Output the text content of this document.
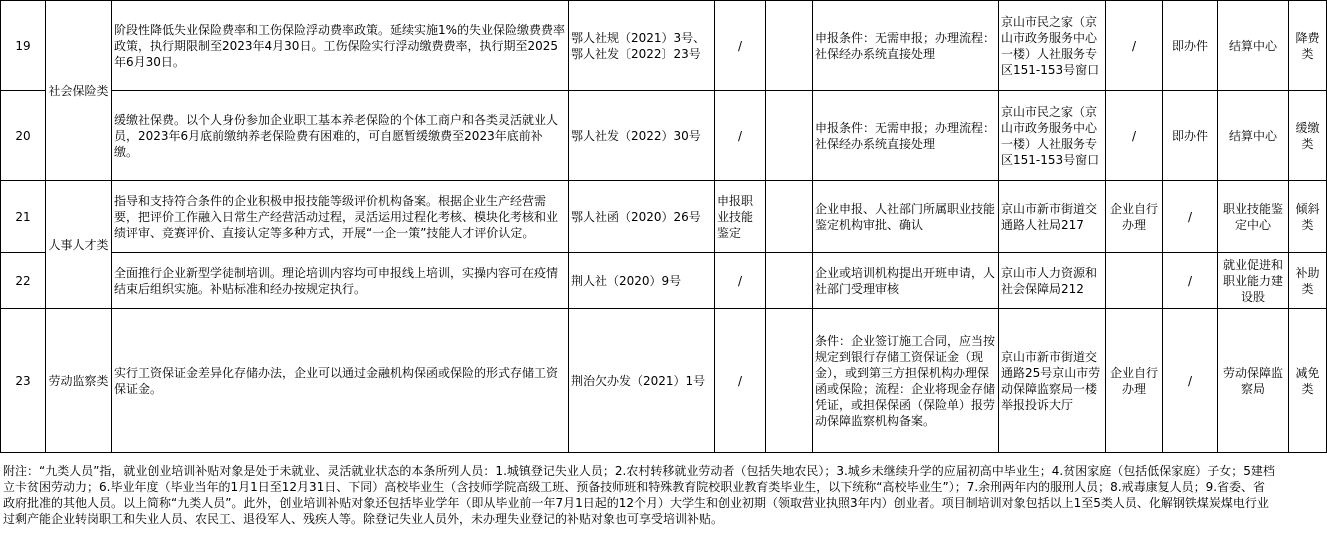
19	社会保险类	阶段性降低失业保险费率和工伤保险浮动费率政策。延续实施1%的失业保险缴费费率政策，执行期限制至2023年4月30日。工伤保险实行浮动缴费费率，执行期至2025年6月30日。	鄂人社规（2021）3号、鄂人社发〔2022〕23号	/		申报条件：无需申报；办理流程：社保经办系统直接处理	京山市民之家（京山市政务服务中心一楼）人社服务专区151-153号窗口	/	即办件	结算中心	降费类
20		缓缴社保费。以个人身份参加企业职工基本养老保险的个体工商户和各类灵活就业人员，2023年6月底前缴纳养老保险费有困难的，可自愿暂缓缴费至2023年底前补缴。	鄂人社发（2022）30号	/		申报条件：无需申报；办理流程：社保经办系统直接处理	京山市民之家（京山市政务服务中心一楼）人社服务专区151-153号窗口	/	即办件	结算中心	缓缴类
21	人事人才类	指导和支持符合条件的企业积极申报技能等级评价机构备案。根据企业生产经营需要，把评价工作融入日常生产经营活动过程，灵活运用过程化考核、模块化考核和业绩评审、竞赛评价、直接认定等多种方式，开展“一企一策”技能人才评价认定。	鄂人社函（2020）26号	申报职业技能鉴定		企业申报、人社部门所属职业技能鉴定机构审批、确认	京山市新市街道交通路人社局217	企业自行办理	/	职业技能鉴定中心	倾斜类
22		全面推行企业新型学徒制培训。理论培训内容均可申报线上培训，实操内容可在疫情结束后组织实施。补贴标准和经办按规定执行。	荆人社（2020）9号	/		企业或培训机构提出开班申请，人社部门受理审核	京山市人力资源和社会保障局212		/	就业促进和职业能力建设股	补助类
23	劳动监察类	实行工资保证金差异化存储办法，企业可以通过金融机构保函或保险的形式存储工资保证金。	荆治欠办发（2021）1号	/		条件：企业签订施工合同，应当按规定到银行存储工资保证金（现金），或到第三方担保机构办理保函或保险；流程：企业将现金存储凭证，或担保保函（保险单）报劳动保障监察机构备案。	京山市新市街道交通路25号京山市劳动保障监察局一楼举报投诉大厅	企业自行办理	/	劳动保障监察局	减免类
附注：“九类人员”指，就业创业培训补贴对象是处于未就业、灵活就业状态的本条所列人员：1.城镇登记失业人员；2.农村转移就业劳动者（包括失地农民）；3.城乡未继续升学的应届初高中毕业生；4.贫困家庭（包括低保家庭）子女；5建档立卡贫困劳动力；6.毕业年度（毕业当年的1月1日至12月31日、下同）高校毕业生（含技师学院高级工班、预备技师班和特殊教育院校职业教育类毕业生，以下统称“高校毕业生”）；7.余刑两年内的服刑人员；8.戒毒康复人员；9.省委、省政府批准的其他人员。以上简称“九类人员”。此外，创业培训补贴对象还包括毕业学年（即从毕业前一年7月1日起的12个月）大学生和创业初期（领取营业执照3年内）创业者。项目制培训对象包括以上1至5类人员、化解钢铁煤炭煤电行业过剩产能企业转岗职工和失业人员、农民工、退役军人、残疾人等。除登记失业人员外，未办理失业登记的补贴对象也可享受培训补贴。
